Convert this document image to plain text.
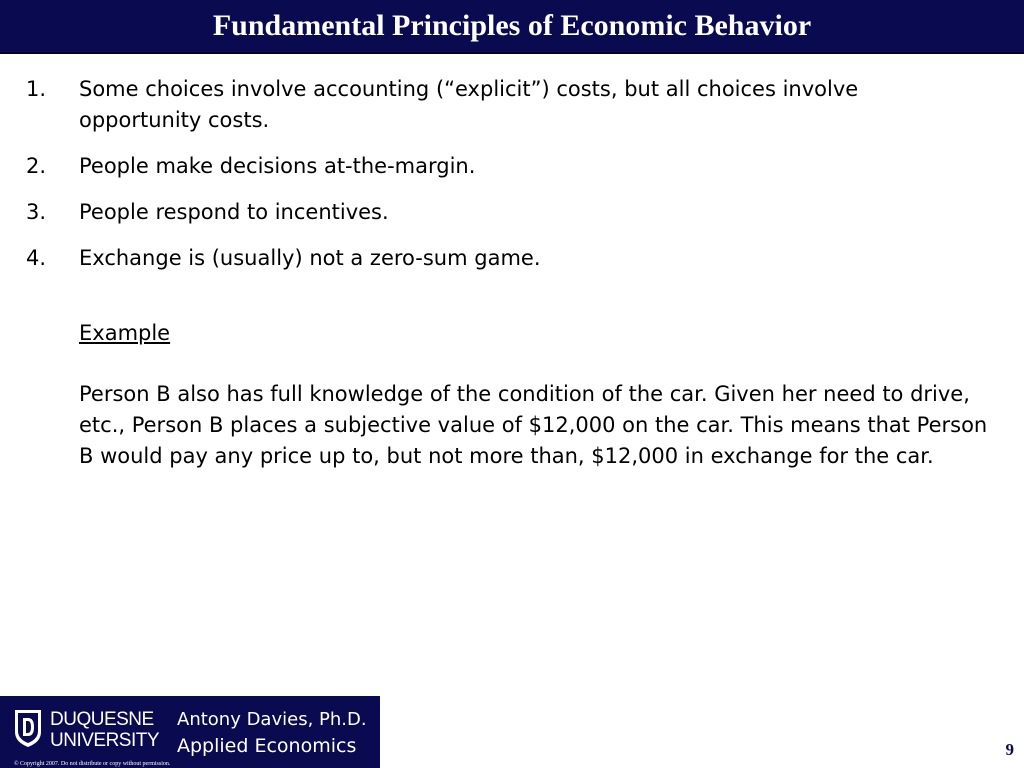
Fundamental Principles of Economic Behavior
1.	Some choices involve accounting (“explicit”) costs, but all choices involve opportunity costs.
2.	People make decisions at-the-margin.
3.	People respond to incentives.
4.	Exchange is (usually) not a zero-sum game.
Example
Person B also has full knowledge of the condition of the car. Given her need to drive, etc., Person B places a subjective value of $12,000 on the car. This means that Person B would pay any price up to, but not more than, $12,000 in exchange for the car.
DUQUESNE
UNIVERSITY
Antony Davies, Ph.D.
Applied Economics
© Copyright 2007. Do not distribute or copy without permission.
9
